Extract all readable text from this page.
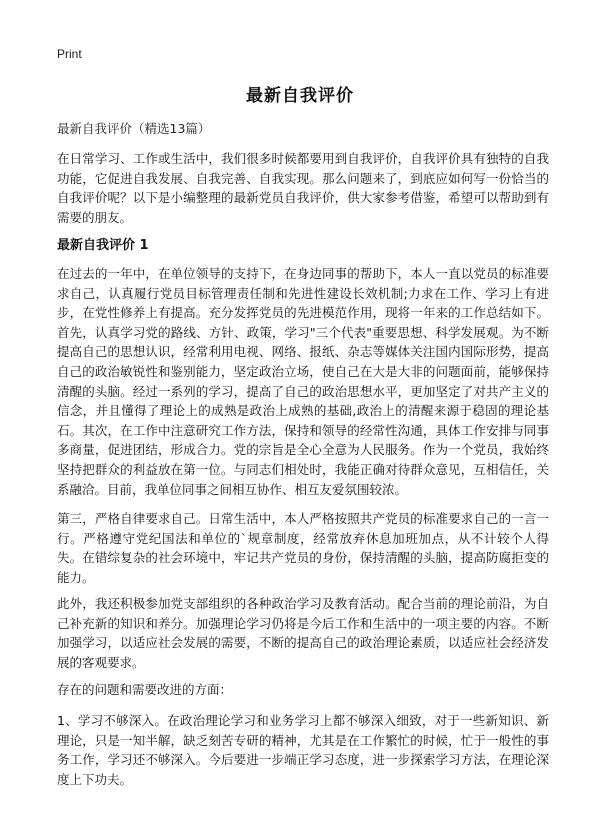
Print
最新自我评价
最新自我评价（精选13篇）

在日常学习、工作或生活中，我们很多时候都要用到自我评价，自我评价具有独特的自我功能，它促进自我发展、自我完善、自我实现。那么问题来了，到底应如何写一份恰当的自我评价呢？以下是小编整理的最新党员自我评价，供大家参考借鉴，希望可以帮助到有需要的朋友。

最新自我评价 1

在过去的一年中，在单位领导的支持下，在身边同事的帮助下，本人一直以党员的标准要求自己，认真履行党员目标管理责任制和先进性建设长效机制;力求在工作、学习上有进步，在党性修养上有提高。充分发挥党员的先进模范作用，现将一年来的工作总结如下。首先，认真学习党的路线、方针、政策，学习"三个代表"重要思想、科学发展观。为不断提高自己的思想认识，经常利用电视、网络、报纸、杂志等媒体关注国内国际形势，提高自己的政治敏锐性和鉴别能力，坚定政治立场，使自己在大是大非的问题面前，能够保持清醒的头脑。经过一系列的学习，提高了自己的政治思想水平，更加坚定了对共产主义的信念，并且懂得了理论上的成熟是政治上成熟的基础,政治上的清醒来源于稳固的理论基石。其次，在工作中注意研究工作方法，保持和领导的经常性沟通，具体工作安排与同事多商量，促进团结，形成合力。党的宗旨是全心全意为人民服务。作为一个党员，我始终坚持把群众的利益放在第一位。与同志们相处时，我能正确对待群众意见，互相信任，关系融洽。目前，我单位同事之间相互协作、相互友爱氛围较浓。

第三，严格自律要求自己。日常生活中，本人严格按照共产党员的标准要求自己的一言一行。严格遵守党纪国法和单位的`规章制度，经常放弃休息加班加点，从不计较个人得失。在错综复杂的社会环境中，牢记共产党员的身份，保持清醒的头脑，提高防腐拒变的能力。

此外，我还积极参加党支部组织的各种政治学习及教育活动。配合当前的理论前沿，为自己补充新的知识和养分。加强理论学习仍将是今后工作和生活中的一项主要的内容。不断加强学习，以适应社会发展的需要，不断的提高自己的政治理论素质，以适应社会经济发展的客观要求。

存在的问题和需要改进的方面：

1、学习不够深入。在政治理论学习和业务学习上都不够深入细致，对于一些新知识、新理论，只是一知半解，缺乏刻苦专研的精神，尤其是在工作繁忙的时候，忙于一般性的事务工作，学习还不够深入。今后要进一步端正学习态度，进一步探索学习方法，在理论深度上下功夫。
